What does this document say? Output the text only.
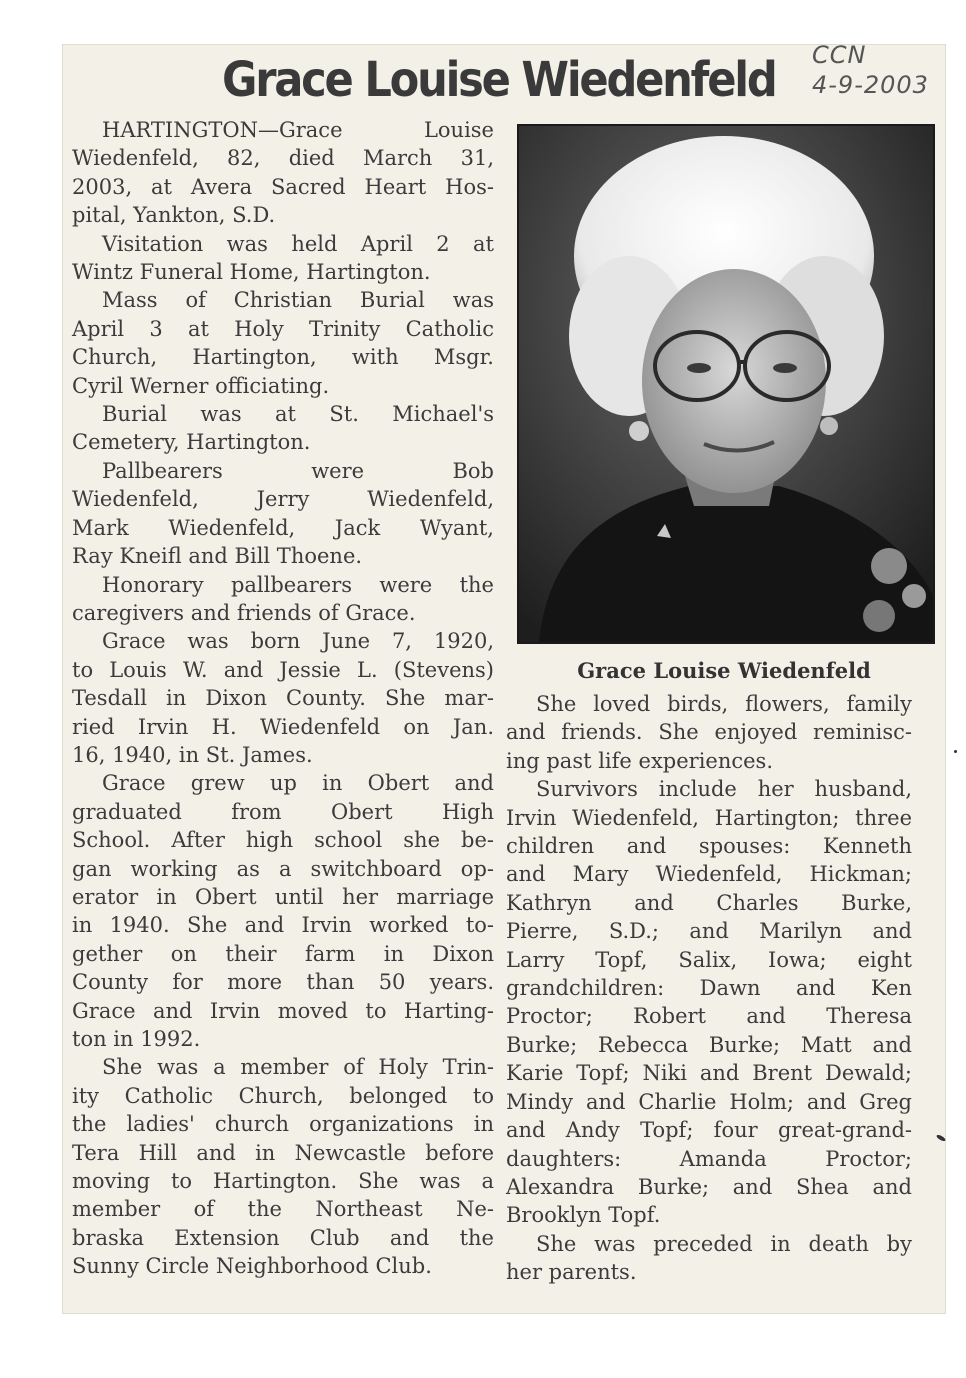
Grace Louise Wiedenfeld CCN
4-9-2003
HARTINGTON—Grace Louise
Wiedenfeld, 82, died March 31,
2003, at Avera Sacred Heart Hos-
pital, Yankton, S.D.
Visitation was held April 2 at
Wintz Funeral Home, Hartington.
Mass of Christian Burial was
April 3 at Holy Trinity Catholic
Church, Hartington, with Msgr.
Cyril Werner officiating.
Burial was at St. Michael's
Cemetery, Hartington.
Pallbearers were Bob
Wiedenfeld, Jerry Wiedenfeld,
Mark Wiedenfeld, Jack Wyant,
Ray Kneifl and Bill Thoene.
Honorary pallbearers were the
caregivers and friends of Grace.
Grace was born June 7, 1920,
to Louis W. and Jessie L. (Stevens)
Tesdall in Dixon County. She mar-
ried Irvin H. Wiedenfeld on Jan.
16, 1940, in St. James.
Grace grew up in Obert and
graduated from Obert High
School. After high school she be-
gan working as a switchboard op-
erator in Obert until her marriage
in 1940. She and Irvin worked to-
gether on their farm in Dixon
County for more than 50 years.
Grace and Irvin moved to Harting-
ton in 1992.
She was a member of Holy Trin-
ity Catholic Church, belonged to
the ladies' church organizations in
Tera Hill and in Newcastle before
moving to Hartington. She was a
member of the Northeast Ne-
braska Extension Club and the
Sunny Circle Neighborhood Club.
Grace Louise Wiedenfeld
She loved birds, flowers, family
and friends. She enjoyed reminisc-
ing past life experiences.
Survivors include her husband,
Irvin Wiedenfeld, Hartington; three
children and spouses: Kenneth
and Mary Wiedenfeld, Hickman;
Kathryn and Charles Burke,
Pierre, S.D.; and Marilyn and
Larry Topf, Salix, Iowa; eight
grandchildren: Dawn and Ken
Proctor; Robert and Theresa
Burke; Rebecca Burke; Matt and
Karie Topf; Niki and Brent Dewald;
Mindy and Charlie Holm; and Greg
and Andy Topf; four great-grand-
daughters: Amanda Proctor;
Alexandra Burke; and Shea and
Brooklyn Topf.
She was preceded in death by
her parents.
